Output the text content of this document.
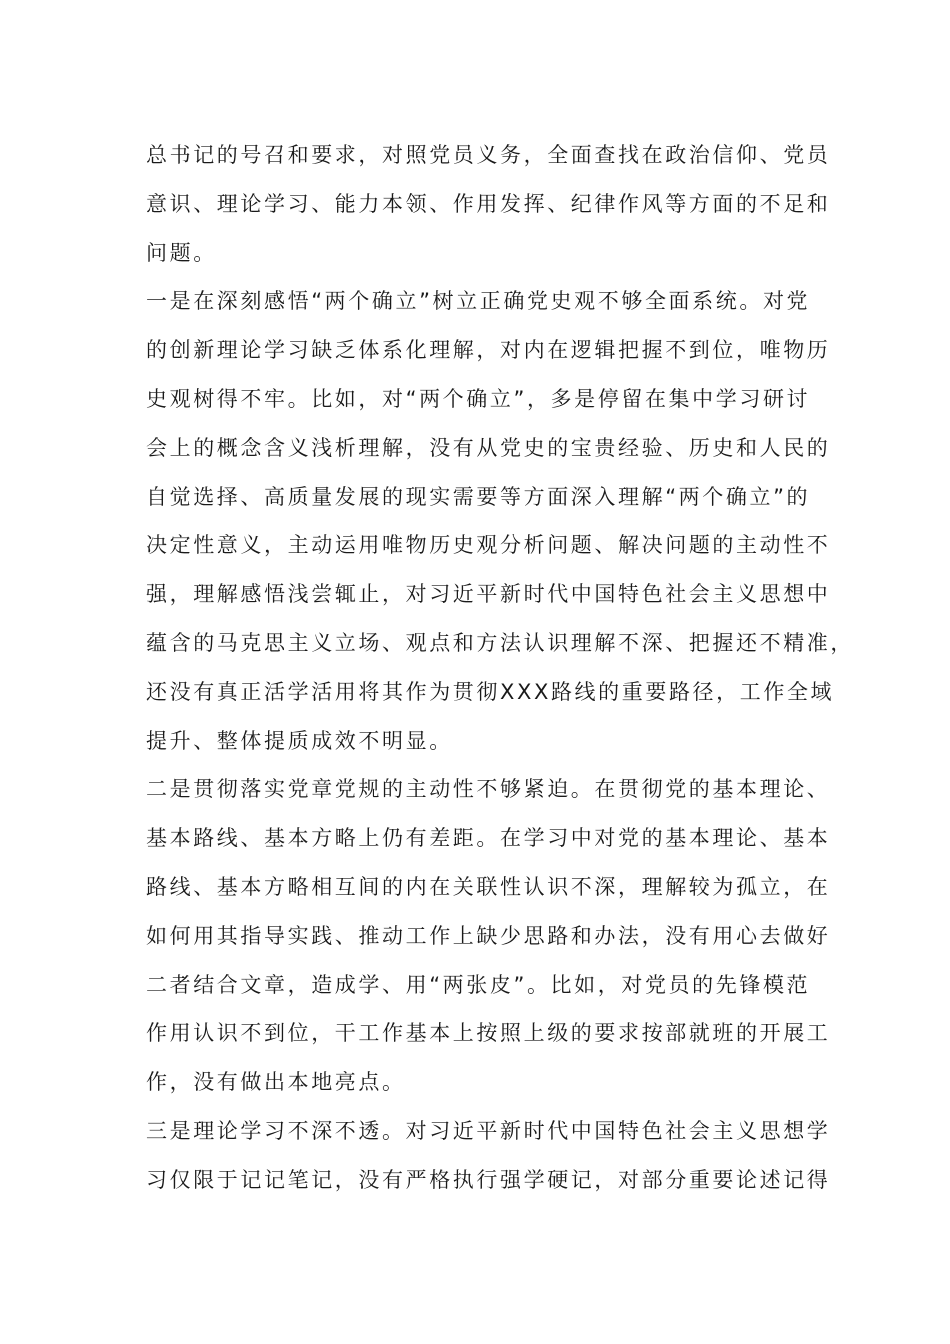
总书记的号召和要求，对照党员义务，全面查找在政治信仰、党员
意识、理论学习、能力本领、作用发挥、纪律作风等方面的不足和
问题。
一是在深刻感悟“两个确立”树立正确党史观不够全面系统。对党
的创新理论学习缺乏体系化理解，对内在逻辑把握不到位，唯物历
史观树得不牢。比如，对“两个确立”，多是停留在集中学习研讨
会上的概念含义浅析理解，没有从党史的宝贵经验、历史和人民的
自觉选择、高质量发展的现实需要等方面深入理解“两个确立”的
决定性意义，主动运用唯物历史观分析问题、解决问题的主动性不
强，理解感悟浅尝辄止，对习近平新时代中国特色社会主义思想中
蕴含的马克思主义立场、观点和方法认识理解不深、把握还不精准，
还没有真正活学活用将其作为贯彻XXX路线的重要路径，工作全域
提升、整体提质成效不明显。
二是贯彻落实党章党规的主动性不够紧迫。在贯彻党的基本理论、
基本路线、基本方略上仍有差距。在学习中对党的基本理论、基本
路线、基本方略相互间的内在关联性认识不深，理解较为孤立，在
如何用其指导实践、推动工作上缺少思路和办法，没有用心去做好
二者结合文章，造成学、用“两张皮”。比如，对党员的先锋模范
作用认识不到位，干工作基本上按照上级的要求按部就班的开展工
作，没有做出本地亮点。
三是理论学习不深不透。对习近平新时代中国特色社会主义思想学
习仅限于记记笔记，没有严格执行强学硬记，对部分重要论述记得
